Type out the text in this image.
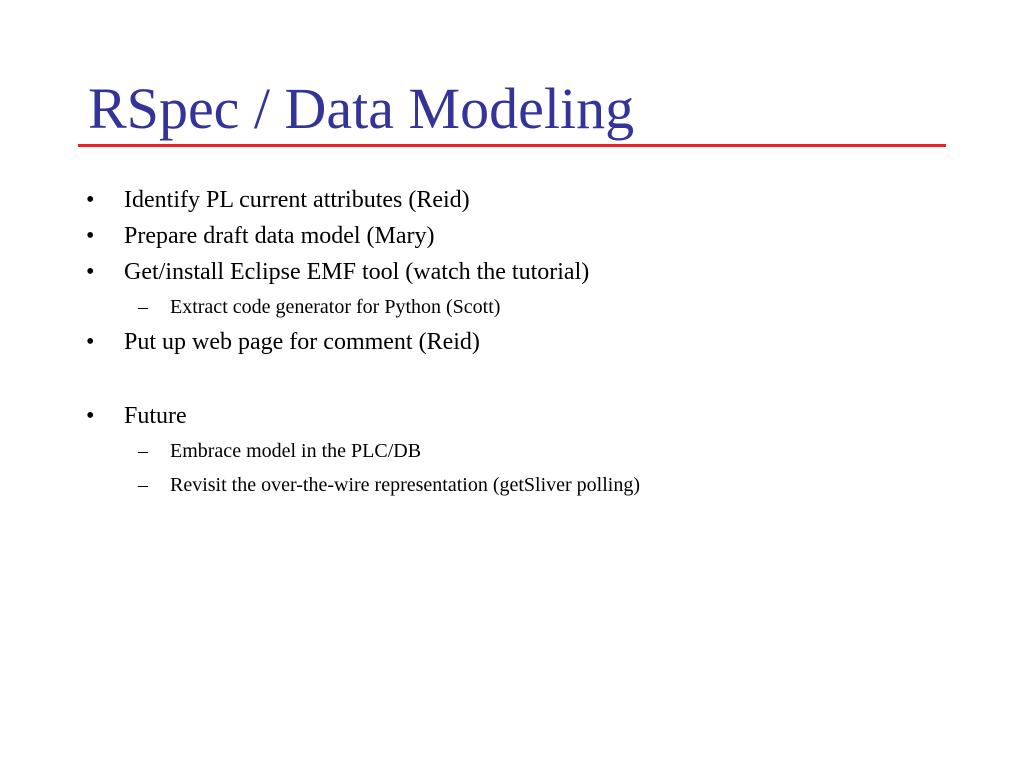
RSpec / Data Modeling
• Identify PL current attributes (Reid)
• Prepare draft data model (Mary)
• Get/install Eclipse EMF tool (watch the tutorial)
– Extract code generator for Python (Scott)
• Put up web page for comment (Reid)
• Future
– Embrace model in the PLC/DB
– Revisit the over-the-wire representation (getSliver polling)
